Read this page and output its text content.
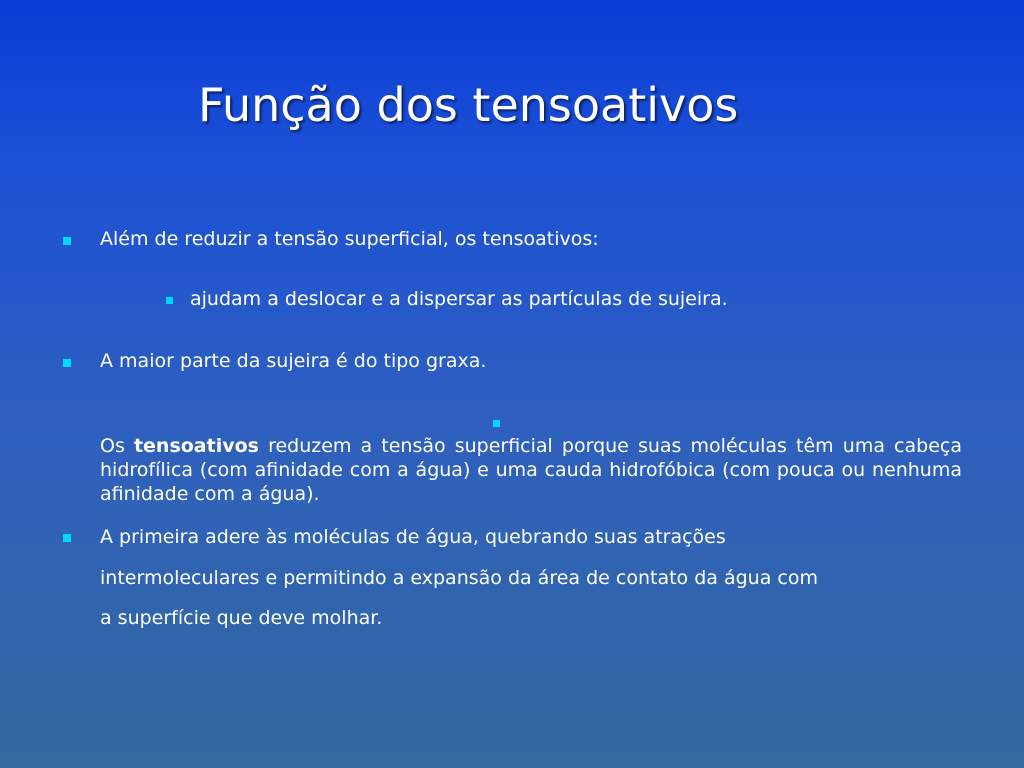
Função dos tensoativos
Além de reduzir a tensão superficial, os tensoativos:
ajudam a deslocar e a dispersar as partículas de sujeira.
A maior parte da sujeira é do tipo graxa.
Os tensoativos reduzem a tensão superficial porque suas moléculas têm uma cabeça hidrofílica (com afinidade com a água) e uma cauda hidrofóbica (com pouca ou nenhuma afinidade com a água).
A primeira adere às moléculas de água, quebrando suas atrações
intermoleculares e permitindo a expansão da área de contato da água com
a superfície que deve molhar.
